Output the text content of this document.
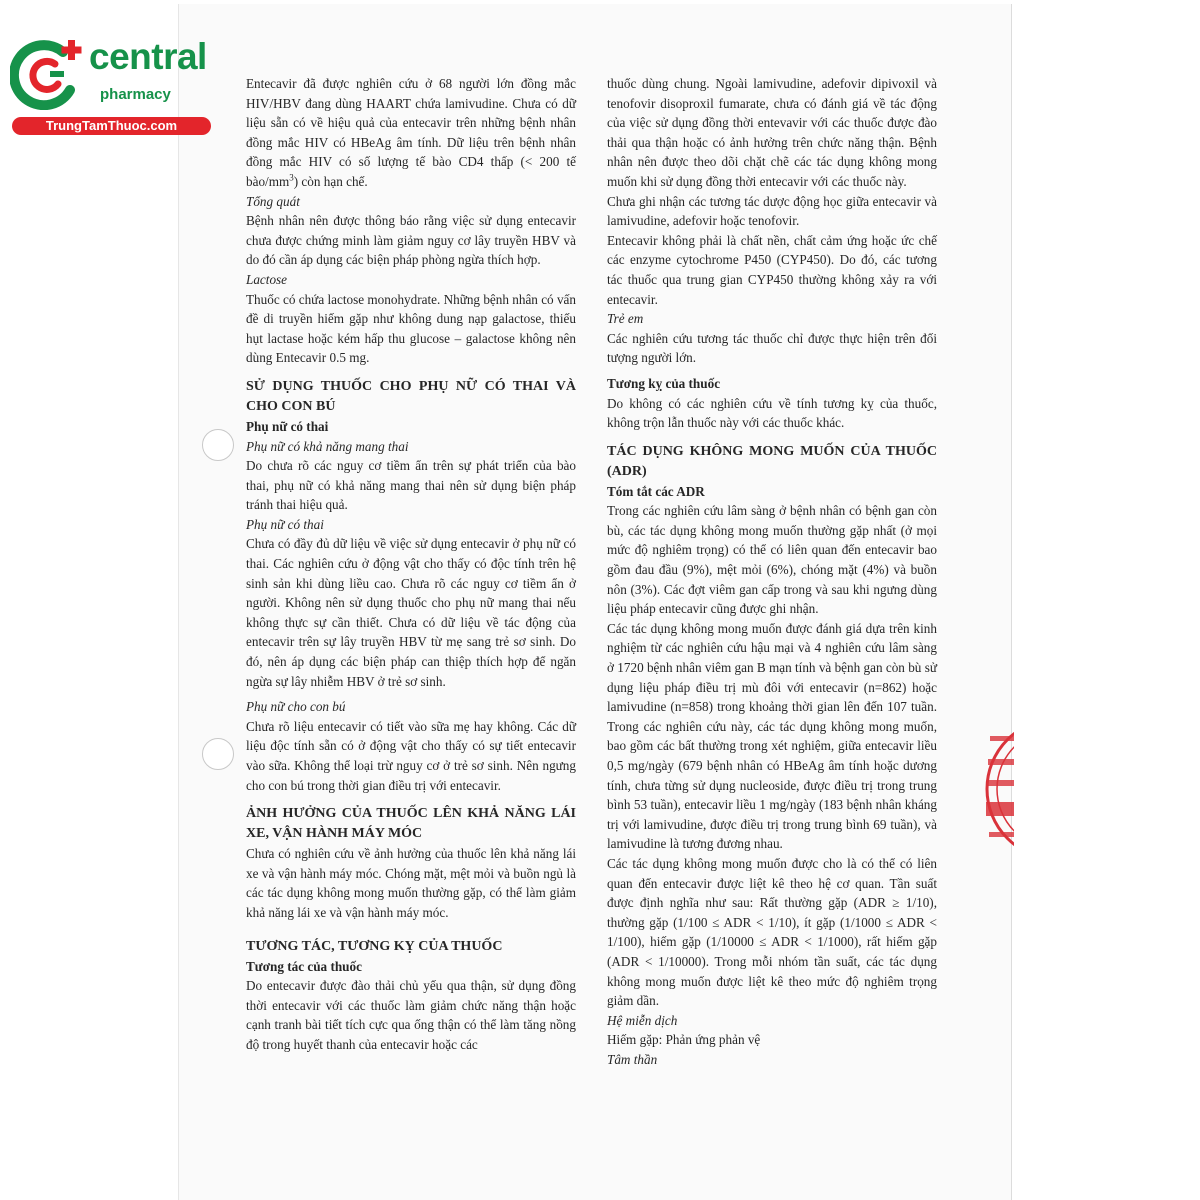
central
pharmacy
TrungTamThuoc.com

Entecavir đã được nghiên cứu ở 68 người lớn đồng mắc HIV/HBV đang dùng HAART chứa lamivudine. Chưa có dữ liệu sẵn có về hiệu quả của entecavir trên những bệnh nhân đồng mắc HIV có HBeAg âm tính. Dữ liệu trên bệnh nhân đồng mắc HIV có số lượng tế bào CD4 thấp (< 200 tế bào/$mm^3$) còn hạn chế.

Tổng quát

Bệnh nhân nên được thông báo rằng việc sử dụng entecavir chưa được chứng minh làm giảm nguy cơ lây truyền HBV và do đó cần áp dụng các biện pháp phòng ngừa thích hợp.

Lactose

Thuốc có chứa lactose monohydrate. Những bệnh nhân có vấn đề di truyền hiếm gặp như không dung nạp galactose, thiếu hụt lactase hoặc kém hấp thu glucose – galactose không nên dùng Entecavir 0.5 mg.

SỬ DỤNG THUỐC CHO PHỤ NỮ CÓ THAI VÀ CHO CON BÚ

Phụ nữ có thai

Phụ nữ có khả năng mang thai

Do chưa rõ các nguy cơ tiềm ẩn trên sự phát triển của bào thai, phụ nữ có khả năng mang thai nên sử dụng biện pháp tránh thai hiệu quả.

Phụ nữ có thai

Chưa có đầy đủ dữ liệu về việc sử dụng entecavir ở phụ nữ có thai. Các nghiên cứu ở động vật cho thấy có độc tính trên hệ sinh sản khi dùng liều cao. Chưa rõ các nguy cơ tiềm ẩn ở người. Không nên sử dụng thuốc cho phụ nữ mang thai nếu không thực sự cần thiết. Chưa có dữ liệu về tác động của entecavir trên sự lây truyền HBV từ mẹ sang trẻ sơ sinh. Do đó, nên áp dụng các biện pháp can thiệp thích hợp để ngăn ngừa sự lây nhiễm HBV ở trẻ sơ sinh.

Phụ nữ cho con bú

Chưa rõ liệu entecavir có tiết vào sữa mẹ hay không. Các dữ liệu độc tính sẵn có ở động vật cho thấy có sự tiết entecavir vào sữa. Không thể loại trừ nguy cơ ở trẻ sơ sinh. Nên ngưng cho con bú trong thời gian điều trị với entecavir.

ẢNH HƯỞNG CỦA THUỐC LÊN KHẢ NĂNG LÁI XE, VẬN HÀNH MÁY MÓC

Chưa có nghiên cứu về ảnh hưởng của thuốc lên khả năng lái xe và vận hành máy móc. Chóng mặt, mệt mỏi và buồn ngủ là các tác dụng không mong muốn thường gặp, có thể làm giảm khả năng lái xe và vận hành máy móc.

TƯƠNG TÁC, TƯƠNG KỴ CỦA THUỐC

Tương tác của thuốc

Do entecavir được đào thải chủ yếu qua thận, sử dụng đồng thời entecavir với các thuốc làm giảm chức năng thận hoặc cạnh tranh bài tiết tích cực qua ống thận có thể làm tăng nồng độ trong huyết thanh của entecavir hoặc các

thuốc dùng chung. Ngoài lamivudine, adefovir dipivoxil và tenofovir disoproxil fumarate, chưa có đánh giá về tác động của việc sử dụng đồng thời entevavir với các thuốc được đào thải qua thận hoặc có ảnh hưởng trên chức năng thận. Bệnh nhân nên được theo dõi chặt chẽ các tác dụng không mong muốn khi sử dụng đồng thời entecavir với các thuốc này.

Chưa ghi nhận các tương tác dược động học giữa entecavir và lamivudine, adefovir hoặc tenofovir.

Entecavir không phải là chất nền, chất cảm ứng hoặc ức chế các enzyme cytochrome P450 (CYP450). Do đó, các tương tác thuốc qua trung gian CYP450 thường không xảy ra với entecavir.

Trẻ em

Các nghiên cứu tương tác thuốc chỉ được thực hiện trên đối tượng người lớn.

Tương kỵ của thuốc

Do không có các nghiên cứu về tính tương kỵ của thuốc, không trộn lẫn thuốc này với các thuốc khác.

TÁC DỤNG KHÔNG MONG MUỐN CỦA THUỐC (ADR)

Tóm tắt các ADR

Trong các nghiên cứu lâm sàng ở bệnh nhân có bệnh gan còn bù, các tác dụng không mong muốn thường gặp nhất (ở mọi mức độ nghiêm trọng) có thể có liên quan đến entecavir bao gồm đau đầu (9%), mệt mỏi (6%), chóng mặt (4%) và buồn nôn (3%). Các đợt viêm gan cấp trong và sau khi ngưng dùng liệu pháp entecavir cũng được ghi nhận.

Các tác dụng không mong muốn được đánh giá dựa trên kinh nghiệm từ các nghiên cứu hậu mại và 4 nghiên cứu lâm sàng ở 1720 bệnh nhân viêm gan B mạn tính và bệnh gan còn bù sử dụng liệu pháp điều trị mù đôi với entecavir (n=862) hoặc lamivudine (n=858) trong khoảng thời gian lên đến 107 tuần. Trong các nghiên cứu này, các tác dụng không mong muốn, bao gồm các bất thường trong xét nghiệm, giữa entecavir liều 0,5 mg/ngày (679 bệnh nhân có HBeAg âm tính hoặc dương tính, chưa từng sử dụng nucleoside, được điều trị trong trung bình 53 tuần), entecavir liều 1 mg/ngày (183 bệnh nhân kháng trị với lamivudine, được điều trị trong trung bình 69 tuần), và lamivudine là tương đương nhau.

Các tác dụng không mong muốn được cho là có thể có liên quan đến entecavir được liệt kê theo hệ cơ quan. Tần suất được định nghĩa như sau: Rất thường gặp (ADR ≥ 1/10), thường gặp (1/100 ≤ ADR < 1/10), ít gặp (1/1000 ≤ ADR < 1/100), hiếm gặp (1/10000 ≤ ADR < 1/1000), rất hiếm gặp (ADR < 1/10000). Trong mỗi nhóm tần suất, các tác dụng không mong muốn được liệt kê theo mức độ nghiêm trọng giảm dần.

Hệ miễn dịch

Hiếm gặp: Phản ứng phản vệ

Tâm thần
